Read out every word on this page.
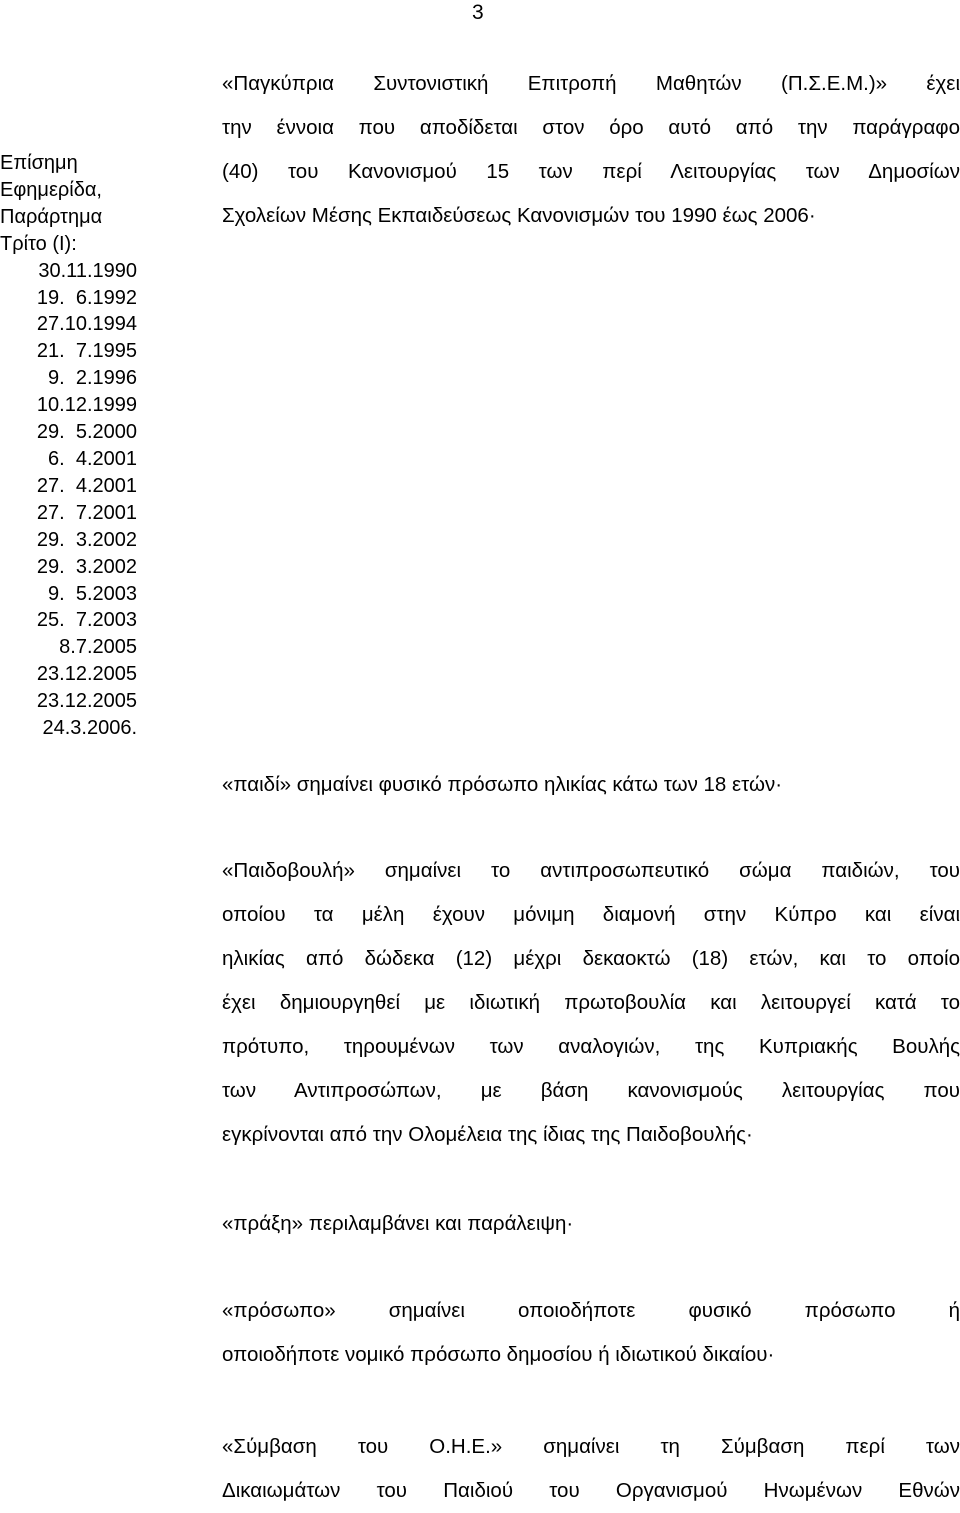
3
Επίσημη
Εφημερίδα,
Παράρτημα
Τρίτο (Ι):
30.11.1990
19.  6.1992
27.10.1994
21.  7.1995
9.  2.1996
10.12.1999
29.  5.2000
6.  4.2001
27.  4.2001
27.  7.2001
29.  3.2002
29.  3.2002
9.  5.2003
25.  7.2003
8.7.2005
23.12.2005
23.12.2005
24.3.2006.
«Παγκύπρια Συντονιστική Επιτροπή Μαθητών (Π.Σ.Ε.Μ.)» έχει
την έννοια που αποδίδεται στον όρο αυτό από την παράγραφο
(40) του Κανονισμού 15 των περί Λειτουργίας των Δημοσίων
Σχολείων Μέσης Εκπαιδεύσεως Κανονισμών του 1990 έως 2006·
«παιδί» σημαίνει φυσικό πρόσωπο ηλικίας κάτω των 18 ετών·
«Παιδοβουλή» σημαίνει το αντιπροσωπευτικό σώμα παιδιών, του
οποίου τα μέλη έχουν μόνιμη διαμονή στην Κύπρο και είναι
ηλικίας από δώδεκα (12) μέχρι δεκαοκτώ (18) ετών, και το οποίο
έχει δημιουργηθεί με ιδιωτική πρωτοβουλία και λειτουργεί κατά το
πρότυπο, τηρουμένων των αναλογιών, της Κυπριακής Βουλής
των Αντιπροσώπων, με βάση κανονισμούς λειτουργίας που
εγκρίνονται από την Ολομέλεια της ίδιας της Παιδοβουλής·
«πράξη» περιλαμβάνει και παράλειψη·
«πρόσωπο» σημαίνει οποιοδήποτε φυσικό πρόσωπο ή
οποιοδήποτε νομικό πρόσωπο δημοσίου ή ιδιωτικού δικαίου·
«Σύμβαση του Ο.Η.Ε.» σημαίνει τη Σύμβαση περί των
Δικαιωμάτων του Παιδιού του Οργανισμού Ηνωμένων Εθνών
